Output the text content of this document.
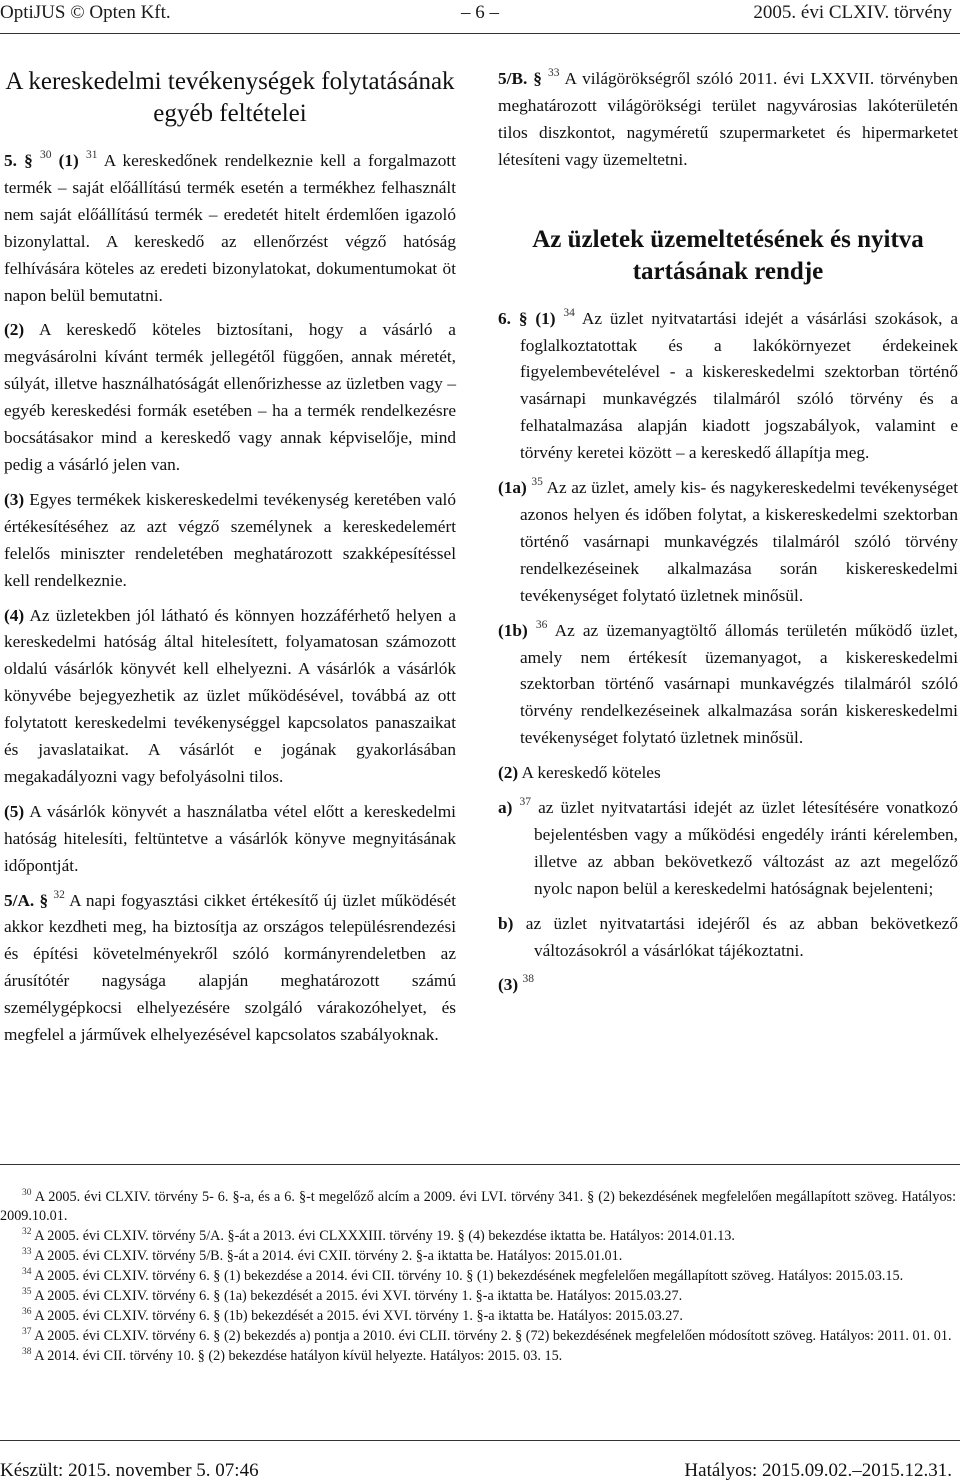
OptiJUS © Opten Kft.	– 6 –	2005. évi CLXIV. törvény
A kereskedelmi tevékenységek folytatásának egyéb feltételei

5. § $^{30}$ (1) $^{31}$ A kereskedőnek rendelkeznie kell a forgalmazott termék – saját előállítású termék esetén a termékhez felhasznált nem saját előállítású termék – eredetét hitelt érdemlően igazoló bizonylattal. A kereskedő az ellenőrzést végző hatóság felhívására köteles az eredeti bizonylatokat, dokumentumokat öt napon belül bemutatni.

(2) A kereskedő köteles biztosítani, hogy a vásárló a megvásárolni kívánt termék jellegétől függően, annak méretét, súlyát, illetve használhatóságát ellenőrizhesse az üzletben vagy – egyéb kereskedési formák esetében – ha a termék rendelkezésre bocsátásakor mind a kereskedő vagy annak képviselője, mind pedig a vásárló jelen van.

(3) Egyes termékek kiskereskedelmi tevékenység keretében való értékesítéséhez az azt végző személynek a kereskedelemért felelős miniszter rendeletében meghatározott szakképesítéssel kell rendelkeznie.

(4) Az üzletekben jól látható és könnyen hozzáférhető helyen a kereskedelmi hatóság által hitelesített, folyamatosan számozott oldalú vásárlók könyvét kell elhelyezni. A vásárlók a vásárlók könyvébe bejegyezhetik az üzlet működésével, továbbá az ott folytatott kereskedelmi tevékenységgel kapcsolatos panaszaikat és javaslataikat. A vásárlót e jogának gyakorlásában megakadályozni vagy befolyásolni tilos.

(5) A vásárlók könyvét a használatba vétel előtt a kereskedelmi hatóság hitelesíti, feltüntetve a vásárlók könyve megnyitásának időpontját.

5/A. § $^{32}$ A napi fogyasztási cikket értékesítő új üzlet működését akkor kezdheti meg, ha biztosítja az országos településrendezési és építési követelményekről szóló kormányrendeletben az árusítótér nagysága alapján meghatározott számú személygépkocsi elhelyezésére szolgáló várakozóhelyet, és megfelel a járművek elhelyezésével kapcsolatos szabályoknak.

5/B. § $^{33}$ A világörökségről szóló 2011. évi LXXVII. törvényben meghatározott világörökségi terület nagyvárosias lakóterületén tilos diszkontot, nagyméretű szupermarketet és hipermarketet létesíteni vagy üzemeltetni.

Az üzletek üzemeltetésének és nyitva tartásának rendje

6. § (1) $^{34}$ Az üzlet nyitvatartási idejét a vásárlási szokások, a foglalkoztatottak és a lakókörnyezet érdekeinek figyelembevételével - a kiskereskedelmi szektorban történő vasárnapi munkavégzés tilalmáról szóló törvény és a felhatalmazása alapján kiadott jogszabályok, valamint e törvény keretei között – a kereskedő állapítja meg.

(1a) $^{35}$ Az az üzlet, amely kis- és nagykereskedelmi tevékenységet azonos helyen és időben folytat, a kiskereskedelmi szektorban történő vasárnapi munkavégzés tilalmáról szóló törvény rendelkezéseinek alkalmazása során kiskereskedelmi tevékenységet folytató üzletnek minősül.

(1b) $^{36}$ Az az üzemanyagtöltő állomás területén működő üzlet, amely nem értékesít üzemanyagot, a kiskereskedelmi szektorban történő vasárnapi munkavégzés tilalmáról szóló törvény rendelkezéseinek alkalmazása során kiskereskedelmi tevékenységet folytató üzletnek minősül.

(2) A kereskedő köteles

a) $^{37}$ az üzlet nyitvatartási idejét az üzlet létesítésére vonatkozó bejelentésben vagy a működési engedély iránti kérelemben, illetve az abban bekövetkező változást az azt megelőző nyolc napon belül a kereskedelmi hatóságnak bejelenteni;

b) az üzlet nyitvatartási idejéről és az abban bekövetkező változásokról a vásárlókat tájékoztatni.

(3) $^{38}$

$^{30}$ A 2005. évi CLXIV. törvény 5- 6. §-a, és a 6. §-t megelőző alcím a 2009. évi LVI. törvény 341. § (2) bekezdésének megfelelően megállapított szöveg. Hatályos: 2009.10.01.

$^{32}$ A 2005. évi CLXIV. törvény 5/A. §-át a 2013. évi CLXXXIII. törvény 19. § (4) bekezdése iktatta be. Hatályos: 2014.01.13.

$^{33}$ A 2005. évi CLXIV. törvény 5/B. §-át a 2014. évi CXII. törvény 2. §-a iktatta be. Hatályos: 2015.01.01.

$^{34}$ A 2005. évi CLXIV. törvény 6. § (1) bekezdése a 2014. évi CII. törvény 10. § (1) bekezdésének megfelelően megállapított szöveg. Hatályos: 2015.03.15.

$^{35}$ A 2005. évi CLXIV. törvény 6. § (1a) bekezdését a 2015. évi XVI. törvény 1. §-a iktatta be. Hatályos: 2015.03.27.

$^{36}$ A 2005. évi CLXIV. törvény 6. § (1b) bekezdését a 2015. évi XVI. törvény 1. §-a iktatta be. Hatályos: 2015.03.27.

$^{37}$ A 2005. évi CLXIV. törvény 6. § (2) bekezdés a) pontja a 2010. évi CLII. törvény 2. § (72) bekezdésének megfelelően módosított szöveg. Hatályos: 2011. 01. 01.

$^{38}$ A 2014. évi CII. törvény 10. § (2) bekezdése hatályon kívül helyezte. Hatályos: 2015. 03. 15.

Készült: 2015. november 5. 07:46	Hatályos: 2015.09.02.–2015.12.31.
